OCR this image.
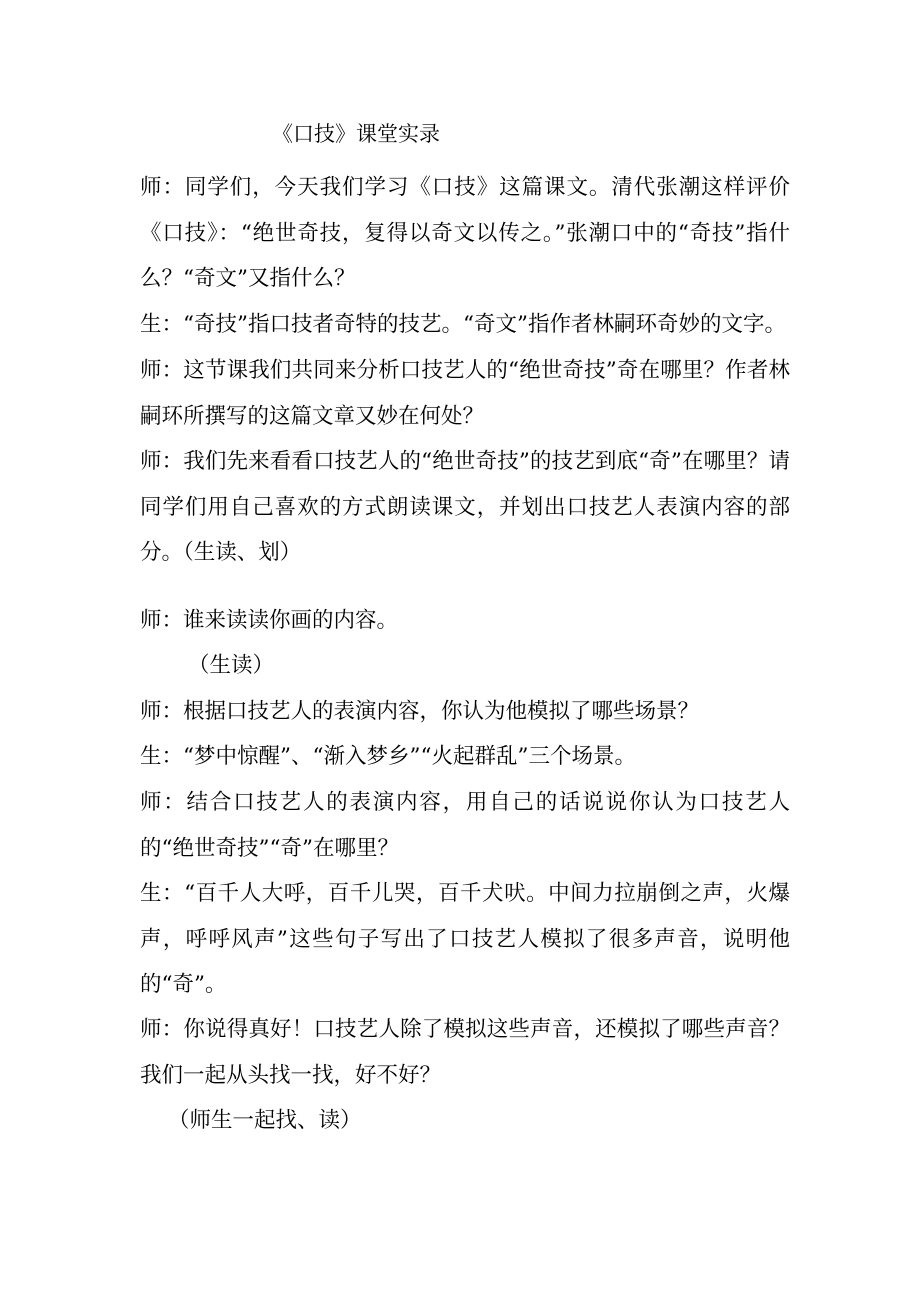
《口技》课堂实录

师：同学们，今天我们学习《口技》这篇课文。清代张潮这样评价《口技》：“绝世奇技，复得以奇文以传之。”张潮口中的“奇技”指什么？“奇文”又指什么？

生：“奇技”指口技者奇特的技艺。“奇文”指作者林嗣环奇妙的文字。

师：这节课我们共同来分析口技艺人的“绝世奇技”奇在哪里？作者林嗣环所撰写的这篇文章又妙在何处？

师：我们先来看看口技艺人的“绝世奇技”的技艺到底“奇”在哪里？请同学们用自己喜欢的方式朗读课文，并划出口技艺人表演内容的部分。（生读、划）

师：谁来读读你画的内容。

（生读）

师：根据口技艺人的表演内容，你认为他模拟了哪些场景？

生：“梦中惊醒”、“渐入梦乡”“火起群乱”三个场景。

师：结合口技艺人的表演内容，用自己的话说说你认为口技艺人的“绝世奇技”“奇”在哪里？

生：“百千人大呼，百千儿哭，百千犬吠。中间力拉崩倒之声，火爆声，呼呼风声”这些句子写出了口技艺人模拟了很多声音，说明他的“奇”。

师：你说得真好！口技艺人除了模拟这些声音，还模拟了哪些声音？我们一起从头找一找，好不好？

（师生一起找、读）
